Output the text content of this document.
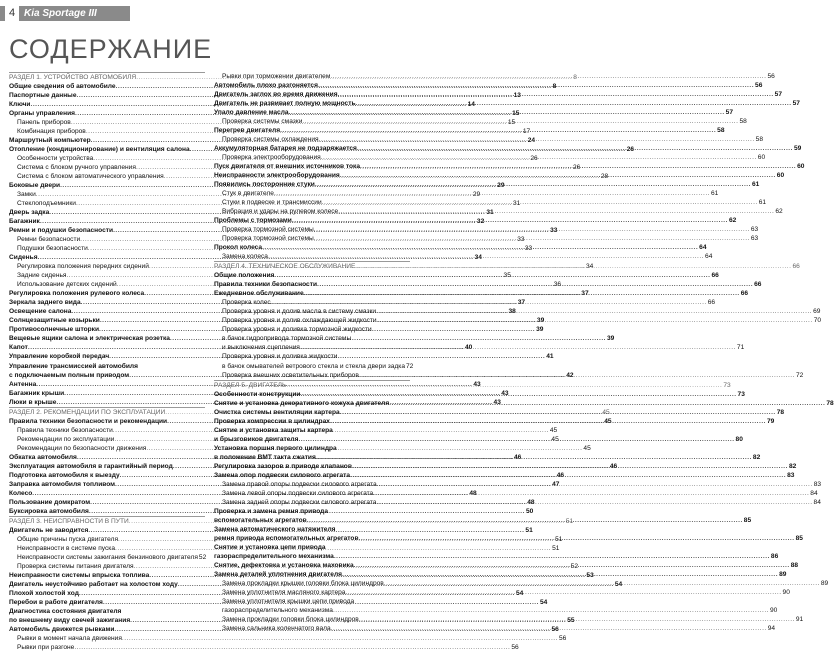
4 Kia Sportage III
СОДЕРЖАНИЕ
РАЗДЕЛ 1. УСТРОЙСТВО АВТОМОБИЛЯ .....	8
Общие сведения об автомобиле .....	8
Паспортные данные .....	13
Ключи .....	14
Органы управления .....	15
Панель приборов .....	15
Комбинация приборов .....	17
Маршрутный компьютер .....	24
Отопление (кондиционирование) и вентиляция салона .....	26
Особенности устройства .....	26
Система с блоком ручного управления .....	26
Система с блоком автоматического управления .....	28
Боковые двери .....	29
Замки .....	29
Стеклоподъемники .....	31
Дверь задка .....	31
Багажник .....	32
Ремни и подушки безопасности .....	33
Ремни безопасности .....	33
Подушки безопасности .....	33
Сиденья .....	34
Регулировка положения передних сидений .....	34
Задние сиденья .....	35
Использование детских сидений .....	36
Регулировка положения рулевого колеса .....	37
Зеркала заднего вида .....	37
Освещение салона .....	38
Солнцезащитные козырьки .....	39
Противосолнечные шторки .....	39
Вещевые ящики салона и электрическая розетка .....	39
Капот .....	40
Управление коробкой передач .....	41
Управление трансмиссией автомобиля
с подключаемым полным приводом .....	42
Антенна .....	43
Багажник крыши .....	43
Люки в крыше .....	43
РАЗДЕЛ 2. РЕКОМЕНДАЦИИ ПО ЭКСПЛУАТАЦИИ .....	45
Правила техники безопасности и рекомендации .....	45
Правила техники безопасности .....	45
Рекомендации по эксплуатации .....	45
Рекомендации по безопасности движения .....	45
Обкатка автомобиля .....	46
Эксплуатация автомобиля в гарантийный период .....	46
Подготовка автомобиля к выезду .....	46
Заправка автомобиля топливом .....	47
Колесо .....	48
Пользование домкратом .....	48
Буксировка автомобиля .....	50
РАЗДЕЛ 3. НЕИСПРАВНОСТИ В ПУТИ .....	51
Двигатель не заводится .....	51
Общие причины пуска двигателя .....	51
Неисправности в системе пуска .....	51
Неисправности системы зажигания бензинового двигателя 52
Проверка системы питания двигателя .....	52
Неисправности системы впрыска топлива .....	53
Двигатель неустойчиво работает на холостом ходу .....	54
Плохой холостой ход .....	54
Перебои в работе двигателя .....	54
Диагностика состояния двигателя
по внешнему виду свечей зажигания .....	55
Автомобиль движется рывками .....	56
Рывки в момент начала движения .....	56
Рывки при разгоне .....	56
Рывки при торможении двигателем .....	56
Автомобиль плохо разгоняется .....	56
Двигатель заглох во время движения .....	57
Двигатель не развивает полную мощность .....	57
Упало давление масла .....	57
Проверка системы смазки .....	58
Перегрев двигателя .....	58
Проверка системы охлаждения .....	58
Аккумуляторная батарея не подзаряжается .....	59
Проверка электрооборудования .....	60
Пуск двигателя от внешних источников тока .....	60
Неисправности электрооборудования .....	60
Появились посторонние стуки .....	61
Стук в двигателе .....	61
Стуки в подвеске и трансмиссии .....	61
Вибрация и удары на рулевом колесе .....	62
Проблемы с тормозами .....	62
Проверка тормозной системы .....	63
Проверка тормозной системы .....	63
Прокол колеса .....	64
Замена колеса .....	64
РАЗДЕЛ 4. ТЕХНИЧЕСКОЕ ОБСЛУЖИВАНИЕ .....	66
Общие положения .....	66
Правила техники безопасности .....	66
Ежедневное обслуживание .....	66
Проверка колес .....	66
Проверка уровня и долив масла в систему смазки .....	69
Проверка уровня и долив охлаждающей жидкости .....	70
Проверка уровня и доливка тормозной жидкости
в бачок гидропривода тормозной системы
и выключения сцепления .....	71
Проверка уровня и доливка жидкости
в бачок омывателей ветрового стекла и стекла двери задка 72
Проверка внешних осветительных приборов .....	72
РАЗДЕЛ 5. ДВИГАТЕЛЬ .....	73
Особенности конструкции .....	73
Снятие и установка декоративного кожуха двигателя .....	78
Очистка системы вентиляции картера .....	78
Проверка компрессии в цилиндрах .....	79
Снятие и установка защиты картера
и брызговиков двигателя .....	80
Установка поршня первого цилиндра
в положение ВМТ такта сжатия .....	82
Регулировка зазоров в приводе клапанов .....	82
Замена опор подвески силового агрегата .....	83
Замена правой опоры подвески силового агрегата .....	83
Замена левой опоры подвески силового агрегата .....	84
Замена задней опоры подвески силового агрегата .....	84
Проверка и замена ремня привода
вспомогательных агрегатов .....	85
Замена автоматического натяжителя
ремня привода вспомогательных агрегатов .....	85
Снятие и установка цепи привода
газораспределительного механизма .....	86
Снятие, дефектовка и установка маховика .....	88
Замена деталей уплотнения двигателя .....	89
Замена прокладки крышки головки блока цилиндров .....	89
Замена уплотнителя масляного картера .....	90
Замена уплотнителя крышки цепи привода
газораспределительного механизма .....	90
Замена прокладки головки блока цилиндров .....	91
Замена сальника коленчатого вала .....	94
